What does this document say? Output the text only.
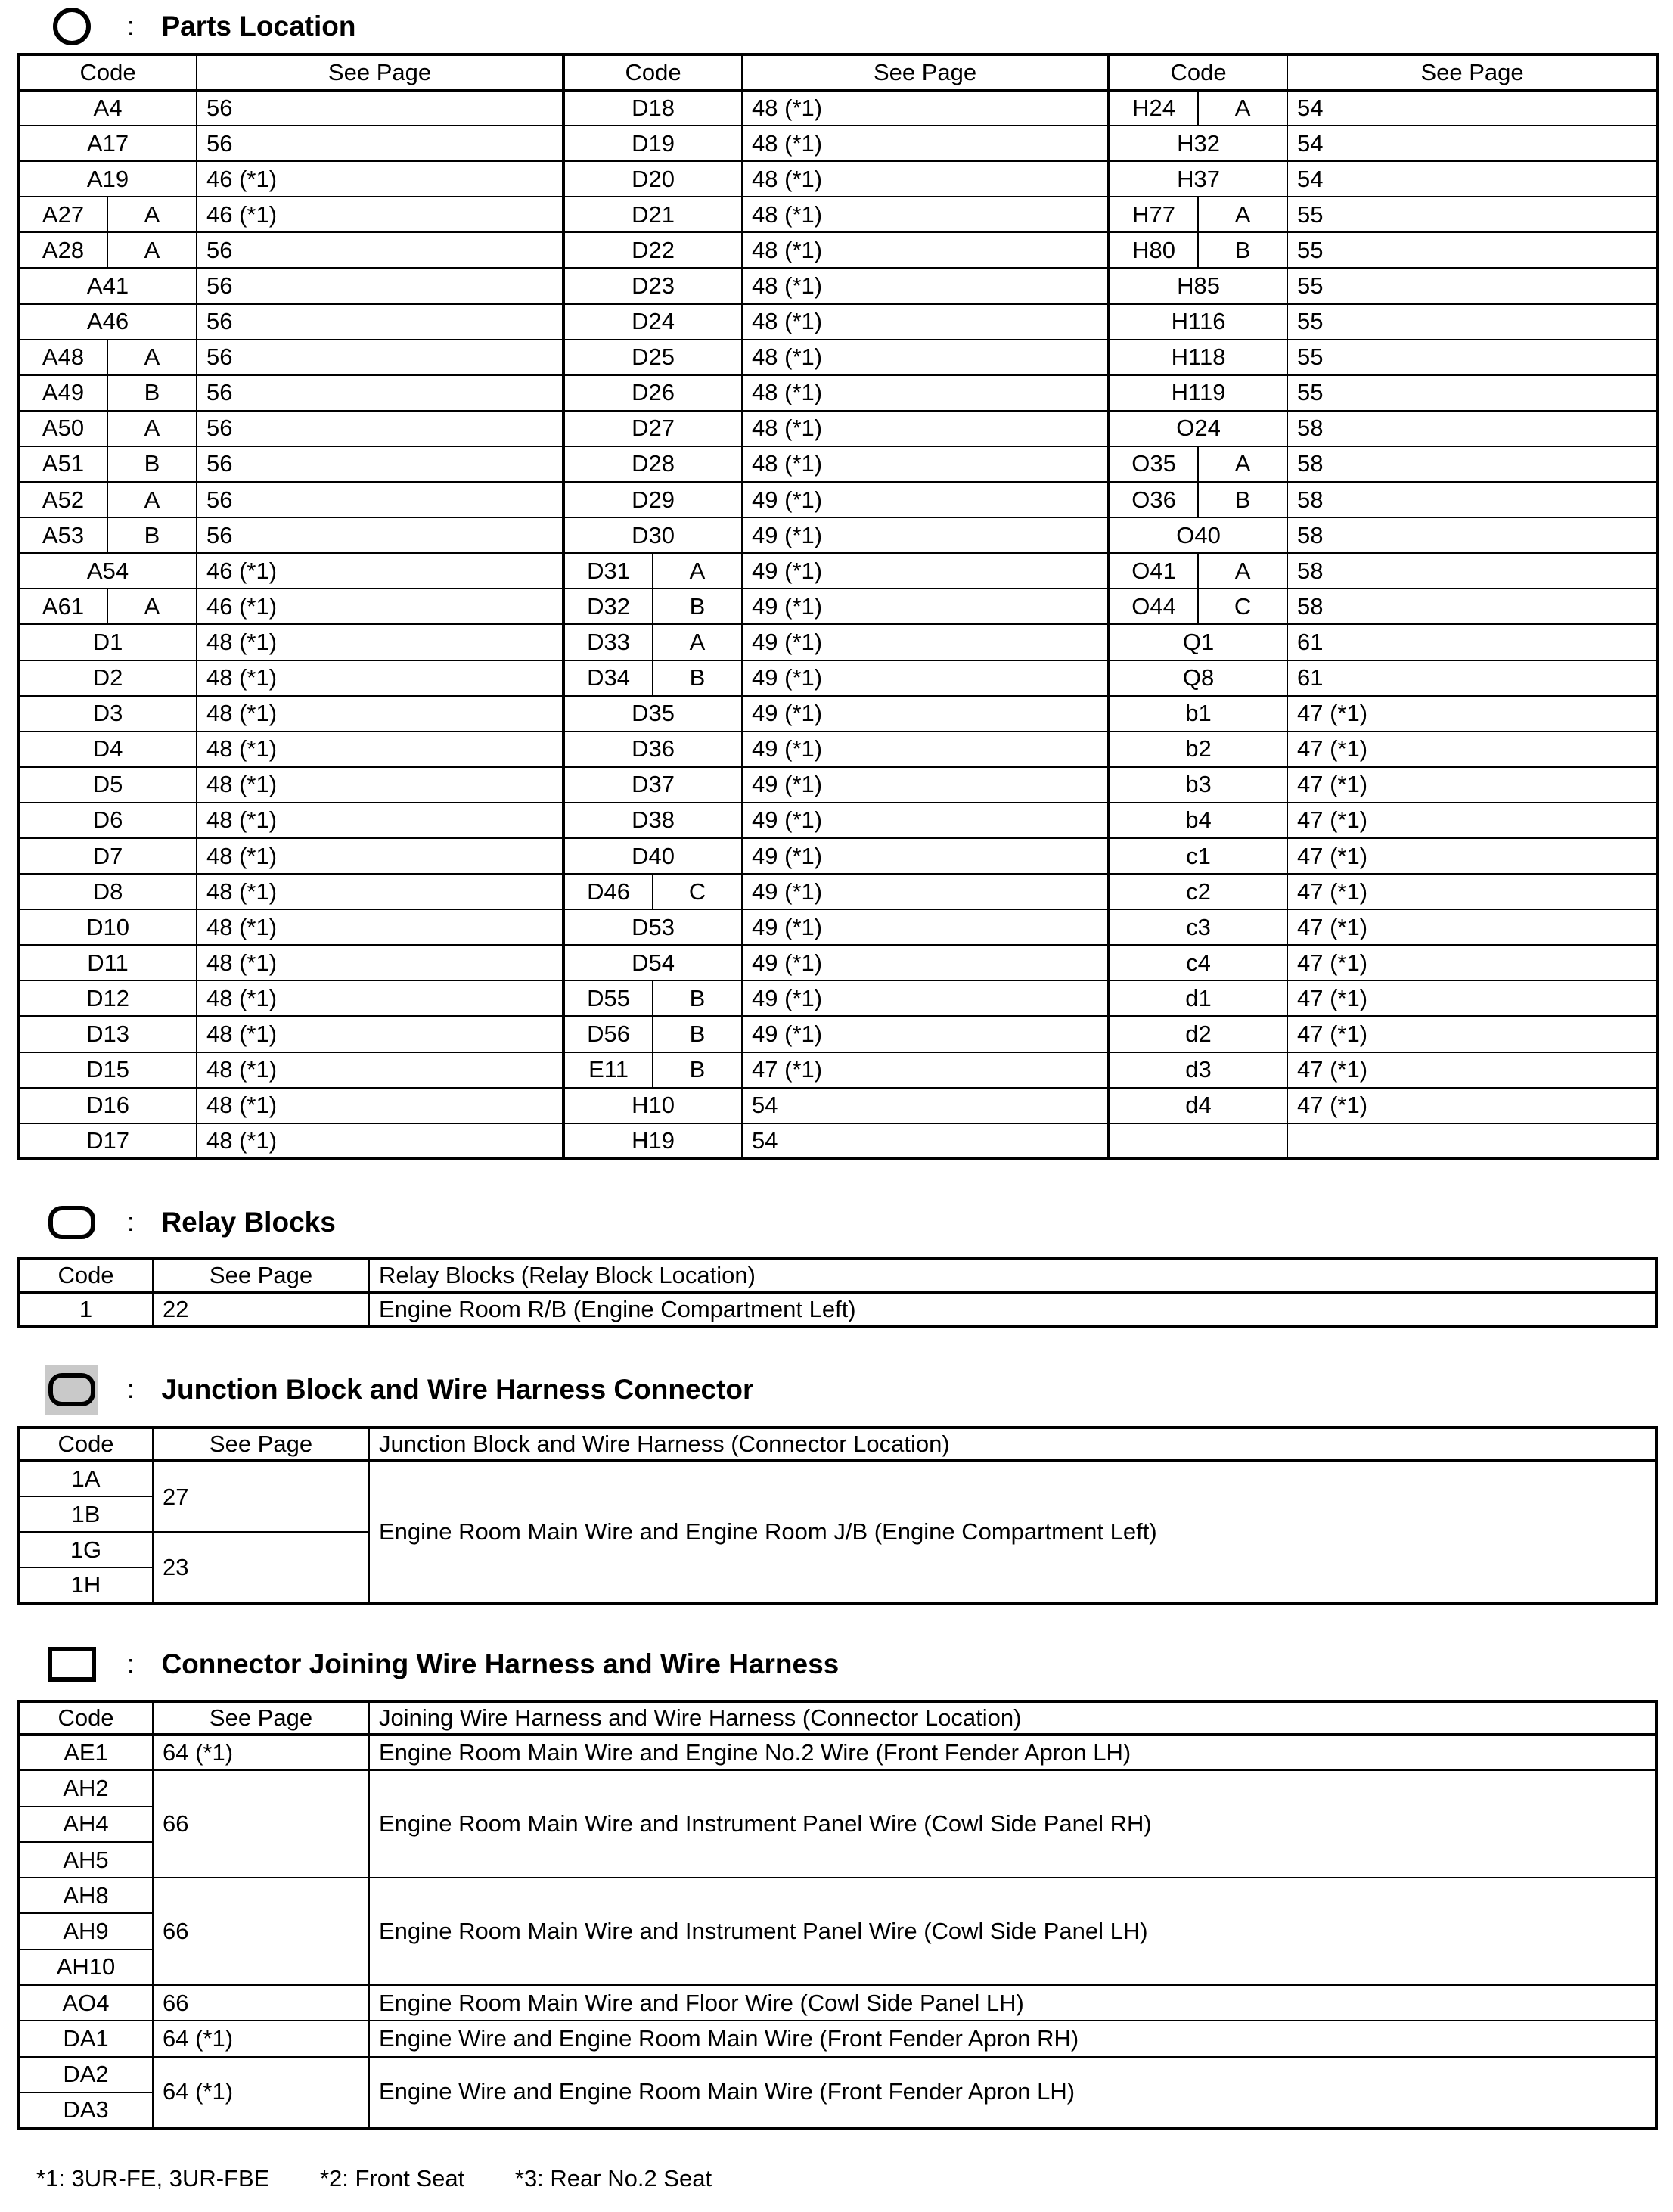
: Parts Location
Code		See Page	Code		See Page	Code		See Page
A4		56	D18		48 (*1)	H24	A	54
A17		56	D19		48 (*1)	H32		54
A19		46 (*1)	D20		48 (*1)	H37		54
A27	A	46 (*1)	D21		48 (*1)	H77	A	55
A28	A	56	D22		48 (*1)	H80	B	55
A41		56	D23		48 (*1)	H85		55
A46		56	D24		48 (*1)	H116		55
A48	A	56	D25		48 (*1)	H118		55
A49	B	56	D26		48 (*1)	H119		55
A50	A	56	D27		48 (*1)	O24		58
A51	B	56	D28		48 (*1)	O35	A	58
A52	A	56	D29		49 (*1)	O36	B	58
A53	B	56	D30		49 (*1)	O40		58
A54		46 (*1)	D31	A	49 (*1)	O41	A	58
A61	A	46 (*1)	D32	B	49 (*1)	O44	C	58
D1		48 (*1)	D33	A	49 (*1)	Q1		61
D2		48 (*1)	D34	B	49 (*1)	Q8		61
D3		48 (*1)	D35		49 (*1)	b1		47 (*1)
D4		48 (*1)	D36		49 (*1)	b2		47 (*1)
D5		48 (*1)	D37		49 (*1)	b3		47 (*1)
D6		48 (*1)	D38		49 (*1)	b4		47 (*1)
D7		48 (*1)	D40		49 (*1)	c1		47 (*1)
D8		48 (*1)	D46	C	49 (*1)	c2		47 (*1)
D10		48 (*1)	D53		49 (*1)	c3		47 (*1)
D11		48 (*1)	D54		49 (*1)	c4		47 (*1)
D12		48 (*1)	D55	B	49 (*1)	d1		47 (*1)
D13		48 (*1)	D56	B	49 (*1)	d2		47 (*1)
D15		48 (*1)	E11	B	47 (*1)	d3		47 (*1)
D16		48 (*1)	H10		54	d4		47 (*1)
D17		48 (*1)	H19		54			
: Relay Blocks
Code	See Page	Relay Blocks (Relay Block Location)
1	22	Engine Room R/B (Engine Compartment Left)
: Junction Block and Wire Harness Connector
Code	See Page	Junction Block and Wire Harness (Connector Location)
1A	27	Engine Room Main Wire and Engine Room J/B (Engine Compartment Left)
1B		
1G	23	
1H		
: Connector Joining Wire Harness and Wire Harness
Code	See Page	Joining Wire Harness and Wire Harness (Connector Location)
AE1	64 (*1)	Engine Room Main Wire and Engine No.2 Wire (Front Fender Apron LH)
AH2	66	Engine Room Main Wire and Instrument Panel Wire (Cowl Side Panel RH)
AH4		
AH5		
AH8	66	Engine Room Main Wire and Instrument Panel Wire (Cowl Side Panel LH)
AH9		
AH10		
AO4	66	Engine Room Main Wire and Floor Wire (Cowl Side Panel LH)
DA1	64 (*1)	Engine Wire and Engine Room Main Wire (Front Fender Apron RH)
DA2	64 (*1)	Engine Wire and Engine Room Main Wire (Front Fender Apron LH)
DA3		
*1: 3UR-FE, 3UR-FBE *2: Front Seat *3: Rear No.2 Seat
